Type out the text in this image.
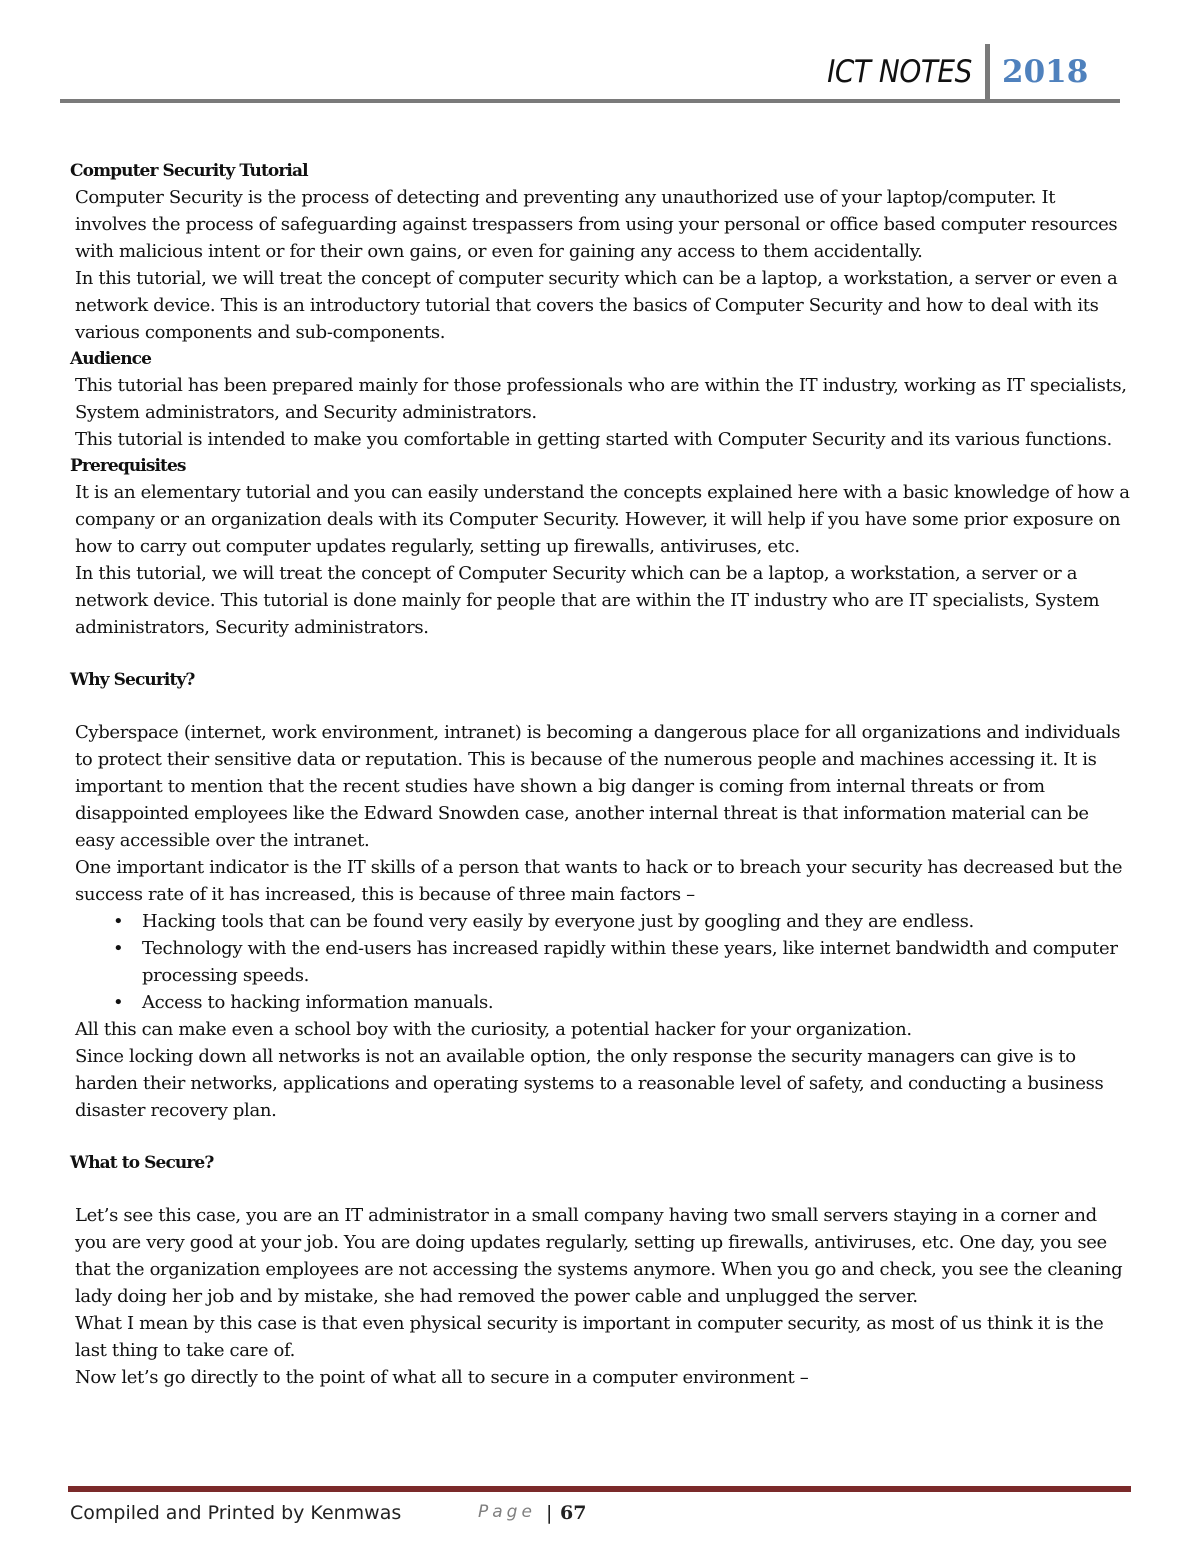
ICT NOTES 2018
Computer Security Tutorial

Computer Security is the process of detecting and preventing any unauthorized use of your laptop/computer. It involves the process of safeguarding against trespassers from using your personal or office based computer resources with malicious intent or for their own gains, or even for gaining any access to them accidentally.

In this tutorial, we will treat the concept of computer security which can be a laptop, a workstation, a server or even a network device. This is an introductory tutorial that covers the basics of Computer Security and how to deal with its various components and sub-components.

Audience

This tutorial has been prepared mainly for those professionals who are within the IT industry, working as IT specialists, System administrators, and Security administrators.

This tutorial is intended to make you comfortable in getting started with Computer Security and its various functions.

Prerequisites

It is an elementary tutorial and you can easily understand the concepts explained here with a basic knowledge of how a company or an organization deals with its Computer Security. However, it will help if you have some prior exposure on how to carry out computer updates regularly, setting up firewalls, antiviruses, etc.

In this tutorial, we will treat the concept of Computer Security which can be a laptop, a workstation, a server or a network device. This tutorial is done mainly for people that are within the IT industry who are IT specialists, System administrators, Security administrators.

Why Security?

Cyberspace (internet, work environment, intranet) is becoming a dangerous place for all organizations and individuals to protect their sensitive data or reputation. This is because of the numerous people and machines accessing it. It is important to mention that the recent studies have shown a big danger is coming from internal threats or from disappointed employees like the Edward Snowden case, another internal threat is that information material can be easy accessible over the intranet.

One important indicator is the IT skills of a person that wants to hack or to breach your security has decreased but the success rate of it has increased, this is because of three main factors –

• Hacking tools that can be found very easily by everyone just by googling and they are endless.
• Technology with the end-users has increased rapidly within these years, like internet bandwidth and computer processing speeds.
• Access to hacking information manuals.

All this can make even a school boy with the curiosity, a potential hacker for your organization.

Since locking down all networks is not an available option, the only response the security managers can give is to harden their networks, applications and operating systems to a reasonable level of safety, and conducting a business disaster recovery plan.

What to Secure?

Let’s see this case, you are an IT administrator in a small company having two small servers staying in a corner and you are very good at your job. You are doing updates regularly, setting up firewalls, antiviruses, etc. One day, you see that the organization employees are not accessing the systems anymore. When you go and check, you see the cleaning lady doing her job and by mistake, she had removed the power cable and unplugged the server.

What I mean by this case is that even physical security is important in computer security, as most of us think it is the last thing to take care of.

Now let’s go directly to the point of what all to secure in a computer environment –

Compiled and Printed by Kenmwas	Page | 67
